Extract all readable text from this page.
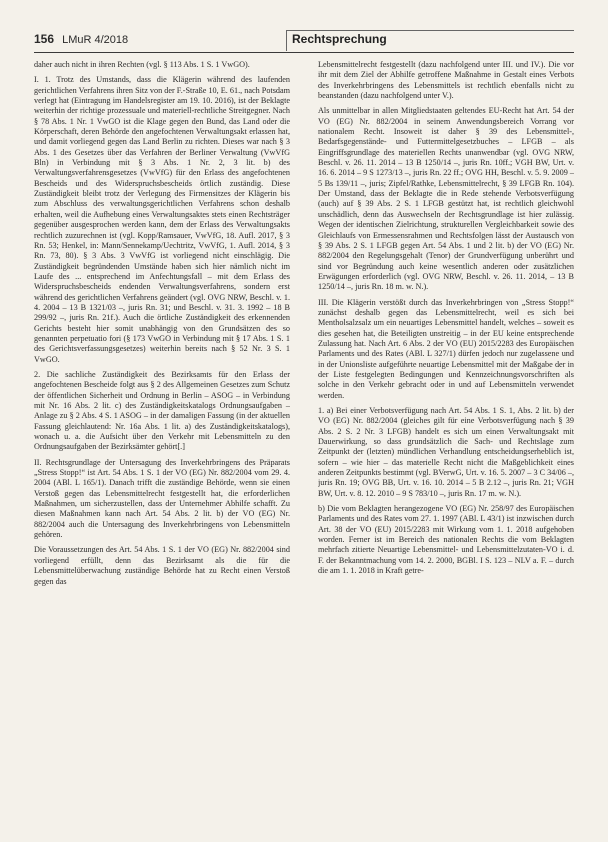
156 LMuR 4/2018	Rechtsprechung

daher auch nicht in ihren Rechten (vgl. § 113 Abs. 1 S. 1 VwGO).

I. 1. Trotz des Umstands, dass die Klägerin während des laufenden gerichtlichen Verfahrens ihren Sitz von der F.-Straße 10, E. 61., nach Potsdam verlegt hat (Eintragung im Handelsregister am 19. 10. 2016), ist der Beklagte weiterhin der richtige prozessuale und materiell-rechtliche Streitgegner. Nach § 78 Abs. 1 Nr. 1 VwGO ist die Klage gegen den Bund, das Land oder die Körperschaft, deren Behörde den angefochtenen Verwaltungsakt erlassen hat, und damit vorliegend gegen das Land Berlin zu richten. Dieses war nach § 3 Abs. 1 des Gesetzes über das Verfahren der Berliner Verwaltung (VwVfG Bln) in Verbindung mit § 3 Abs. 1 Nr. 2, 3 lit. b) des Verwaltungsverfahrensgesetzes (VwVfG) für den Erlass des angefochtenen Bescheids und des Widerspruchsbescheids örtlich zuständig. Diese Zuständigkeit bleibt trotz der Verlegung des Firmensitzes der Klägerin bis zum Abschluss des verwaltungsgerichtlichen Verfahrens schon deshalb erhalten, weil die Aufhebung eines Verwaltungsaktes stets einen Rechtsträger gegenüber ausgesprochen werden kann, dem der Erlass des Verwaltungsakts rechtlich zuzurechnen ist (vgl. Kopp/Ramsauer, VwVfG, 18. Aufl. 2017, § 3 Rn. 53; Henkel, in: Mann/Sennekamp/Uechtritz, VwVfG, 1. Aufl. 2014, § 3 Rn. 73, 80). § 3 Abs. 3 VwVfG ist vorliegend nicht einschlägig. Die Zuständigkeit begründenden Umstände haben sich hier nämlich nicht im Laufe des ... entsprechend im Anfechtungsfall – mit dem Erlass des Widerspruchsbescheids endenden Verwaltungsverfahrens, sondern erst während des gerichtlichen Verfahrens geändert (vgl. OVG NRW, Beschl. v. 1. 4. 2004 – 13 B 1321/03 –, juris Rn. 31; und Beschl. v. 31. 3. 1992 – 18 B 299/92 –, juris Rn. 21f.). Auch die örtliche Zuständigkeit des erkennenden Gerichts besteht hier somit unabhängig von den Grundsätzen des so genannten perpetuatio fori (§ 173 VwGO in Verbindung mit § 17 Abs. 1 S. 1 des Gerichtsverfassungsgesetzes) weiterhin bereits nach § 52 Nr. 3 S. 1 VwGO.

2. Die sachliche Zuständigkeit des Bezirksamts für den Erlass der angefochtenen Bescheide folgt aus § 2 des Allgemeinen Gesetzes zum Schutz der öffentlichen Sicherheit und Ordnung in Berlin – ASOG – in Verbindung mit Nr. 16 Abs. 2 lit. c) des Zuständigkeitskatalogs Ordnungsaufgaben – Anlage zu § 2 Abs. 4 S. 1 ASOG – in der damaligen Fassung (in der aktuellen Fassung gleichlautend: Nr. 16a Abs. 1 lit. a) des Zuständigkeitskatalogs), wonach u. a. die Aufsicht über den Verkehr mit Lebensmitteln zu den Ordnungsaufgaben der Bezirksämter gehört[.]

II. Rechtsgrundlage der Untersagung des Inverkehrbringens des Präparats „Stress Stopp!“ ist Art. 54 Abs. 1 S. 1 der VO (EG) Nr. 882/2004 vom 29. 4. 2004 (ABl. L 165/1). Danach trifft die zuständige Behörde, wenn sie einen Verstoß gegen das Lebensmittelrecht festgestellt hat, die erforderlichen Maßnahmen, um sicherzustellen, dass der Unternehmer Abhilfe schafft. Zu diesen Maßnahmen kann nach Art. 54 Abs. 2 lit. b) der VO (EG) Nr. 882/2004 auch die Untersagung des Inverkehrbringens von Lebensmitteln gehören.

Die Voraussetzungen des Art. 54 Abs. 1 S. 1 der VO (EG) Nr. 882/2004 sind vorliegend erfüllt, denn das Bezirksamt als die für die Lebensmittelüberwachung zuständige Behörde hat zu Recht einen Verstoß gegen das

Lebensmittelrecht festgestellt (dazu nachfolgend unter III. und IV.). Die vor ihr mit dem Ziel der Abhilfe getroffene Maßnahme in Gestalt eines Verbots des Inverkehrbringens des Lebensmittels ist rechtlich ebenfalls nicht zu beanstanden (dazu nachfolgend unter V.).

Als unmittelbar in allen Mitgliedstaaten geltendes EU-Recht hat Art. 54 der VO (EG) Nr. 882/2004 in seinem Anwendungsbereich Vorrang vor nationalem Recht. Insoweit ist daher § 39 des Lebensmittel-, Bedarfsgegenstände- und Futtermittelgesetzbuches – LFGB – als Eingriffsgrundlage des materiellen Rechts unanwendbar (vgl. OVG NRW, Beschl. v. 26. 11. 2014 – 13 B 1250/14 –, juris Rn. 10ff.; VGH BW, Urt. v. 16. 6. 2014 – 9 S 1273/13 –, juris Rn. 22 ff.; OVG HH, Beschl. v. 5. 9. 2009 – 5 Bs 139/11 –, juris; Zipfel/Rathke, Lebensmittelrecht, § 39 LFGB Rn. 104). Der Umstand, dass der Beklagte die in Rede stehende Verbotsverfügung (auch) auf § 39 Abs. 2 S. 1 LFGB gestützt hat, ist rechtlich gleichwohl unschädlich, denn das Auswechseln der Rechtsgrundlage ist hier zulässig. Wegen der identischen Zielrichtung, strukturellen Vergleichbarkeit sowie des Gleichlaufs von Ermessensrahmen und Rechtsfolgen lässt der Austausch von § 39 Abs. 2 S. 1 LFGB gegen Art. 54 Abs. 1 und 2 lit. b) der VO (EG) Nr. 882/2004 den Regelungsgehalt (Tenor) der Grundverfügung unberührt und sind vor Begründung auch keine wesentlich anderen oder zusätzlichen Erwägungen erforderlich (vgl. OVG NRW, Beschl. v. 26. 11. 2014, – 13 B 1250/14 –, juris Rn. 18 m. w. N.).

III. Die Klägerin verstößt durch das Inverkehrbringen von „Stress Stopp!“ zunächst deshalb gegen das Lebensmittelrecht, weil es sich bei Mentholsalzsalz um ein neuartiges Lebensmittel handelt, welches – soweit es dies gesehen hat, die Beteiligten unstreitig – in der EU keine entsprechende Zulassung hat. Nach Art. 6 Abs. 2 der VO (EU) 2015/2283 des Europäischen Parlaments und des Rates (ABl. L 327/1) dürfen jedoch nur zugelassene und in der Unionsliste aufgeführte neuartige Lebensmittel mit der Maßgabe der in der Liste festgelegten Bedingungen und Kennzeichnungsvorschriften als solche in den Verkehr gebracht oder in und auf Lebensmitteln verwendet werden.

1. a) Bei einer Verbotsverfügung nach Art. 54 Abs. 1 S. 1, Abs. 2 lit. b) der VO (EG) Nr. 882/2004 (gleiches gilt für eine Verbotsverfügung nach § 39 Abs. 2 S. 2 Nr. 3 LFGB) handelt es sich um einen Verwaltungsakt mit Dauerwirkung, so dass grundsätzlich die Sach- und Rechtslage zum Zeitpunkt der (letzten) mündlichen Verhandlung entscheidungserheblich ist, sofern – wie hier – das materielle Recht nicht die Maßgeblichkeit eines anderen Zeitpunkts bestimmt (vgl. BVerwG, Urt. v. 16. 5. 2007 – 3 C 34/06 –, juris Rn. 19; OVG BB, Urt. v. 16. 10. 2014 – 5 B 2.12 –, juris Rn. 21; VGH BW, Urt. v. 8. 12. 2010 – 9 S 783/10 –, juris Rn. 17 m. w. N.).

b) Die vom Beklagten herangezogene VO (EG) Nr. 258/97 des Europäischen Parlaments und des Rates vom 27. 1. 1997 (ABl. L 43/1) ist inzwischen durch Art. 38 der VO (EU) 2015/2283 mit Wirkung vom 1. 1. 2018 aufgehoben worden. Ferner ist im Bereich des nationalen Rechts die vom Beklagten mehrfach zitierte Neuartige Lebensmittel- und Lebensmittelzutaten-VO i. d. F. der Bekanntmachung vom 14. 2. 2000, BGBl. I S. 123 – NLV a. F. – durch die am 1. 1. 2018 in Kraft getre-
